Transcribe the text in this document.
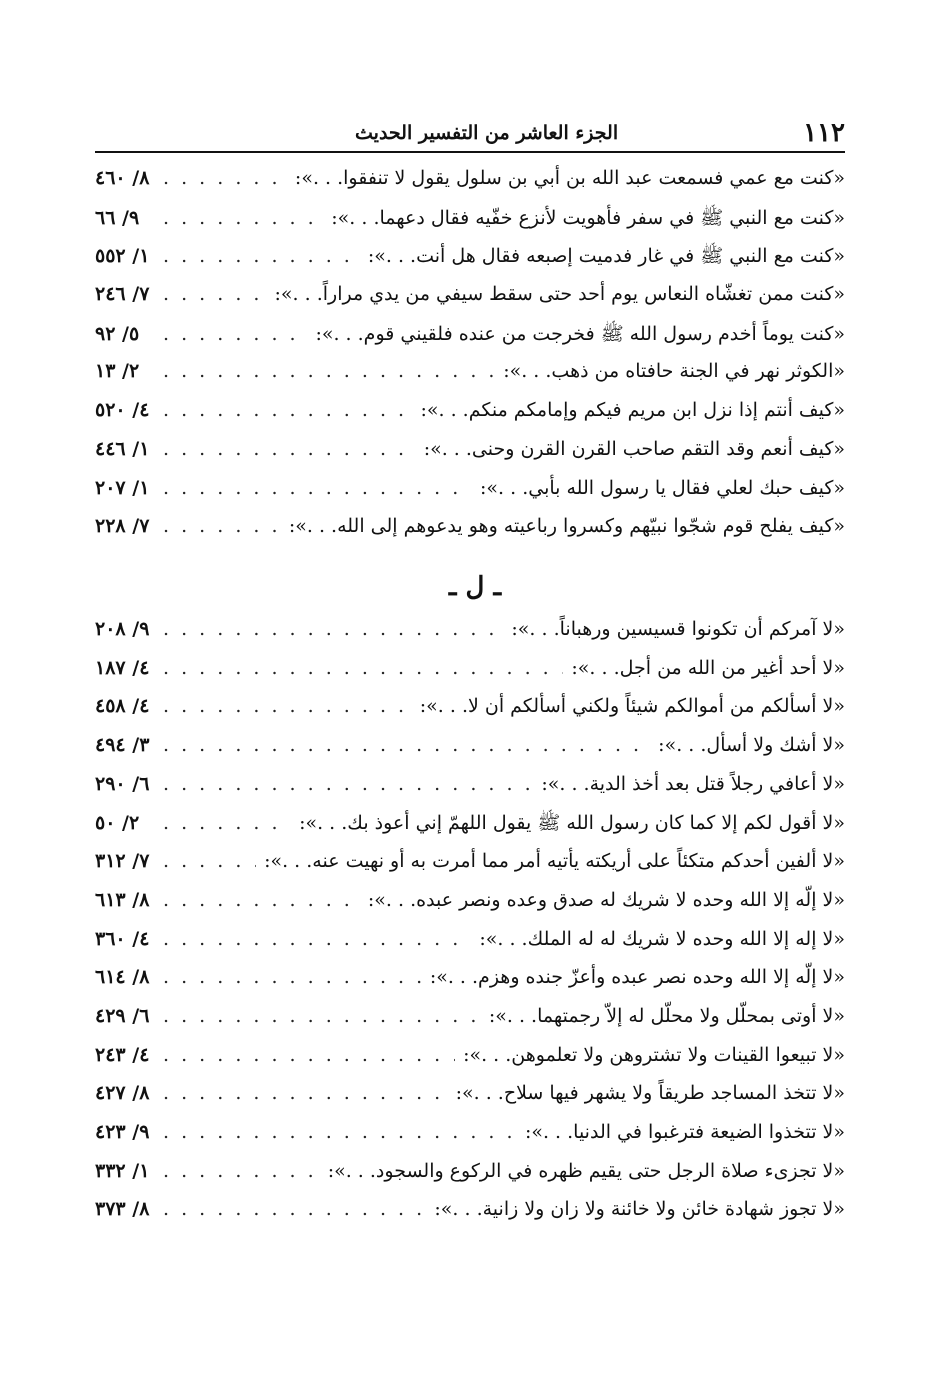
١١٢
الجزء العاشر من التفسير الحديث
«كنت مع عمي فسمعت عبد الله بن أبي بن سلول يقول لا تنفقوا. . .»:
. . .
٨/ ٤٦٠
«كنت مع النبي ﷺ في سفر فأهويت لأنزع خفّيه فقال دعهما. . .»:
. . .
٩/ ٦٦
«كنت مع النبي ﷺ في غار فدميت إصبعه فقال هل أنت. . .»:
. . .
١/ ٥٥٢
«كنت ممن تغشّاه النعاس يوم أحد حتى سقط سيفي من يدي مراراً. . .»:
. . .
٧/ ٢٤٦
«كنت يوماً أخدم رسول الله ﷺ فخرجت من عنده فلقيني قوم. . .»:
. . .
٥/ ٩٢
«الكوثر نهر في الجنة حافتاه من ذهب. . .»:
. . .
٢/ ١٣
«كيف أنتم إذا نزل ابن مريم فيكم وإمامكم منكم. . .»:
. . .
٤/ ٥٢٠
«كيف أنعم وقد التقم صاحب القرن القرن وحنى. . .»:
. . .
١/ ٤٤٦
«كيف حبك لعلي فقال يا رسول الله بأبي. . .»:
. . .
١/ ٢٠٧
«كيف يفلح قوم شجّوا نبيّهم وكسروا رباعيته وهو يدعوهم إلى الله. . .»:
. . .
٧/ ٢٢٨
ـ ل ـ
«لا آمركم أن تكونوا قسيسين ورهباناً. . .»:
. . .
٩/ ٢٠٨
«لا أحد أغير من الله من أجل. . .»:
. . .
٤/ ١٨٧
«لا أسألكم من أموالكم شيئاً ولكني أسألكم أن لا. . .»:
. . .
٤/ ٤٥٨
«لا أشك ولا أسأل. . .»:
. . .
٣/ ٤٩٤
«لا أعافي رجلاً قتل بعد أخذ الدية. . .»:
. . .
٦/ ٢٩٠
«لا أقول لكم إلا كما كان رسول الله ﷺ يقول اللهمّ إني أعوذ بك. . .»:
. . .
٢/ ٥٠
«لا ألفين أحدكم متكئاً على أريكته يأتيه أمر مما أمرت به أو نهيت عنه. . .»:
. . .
٧/ ٣١٢
«لا إلّه إلا الله وحده لا شريك له صدق وعده ونصر عبده. . .»:
. . .
٨/ ٦١٣
«لا إله إلا الله وحده لا شريك له له الملك. . .»:
. . .
٤/ ٣٦٠
«لا إلّه إلا الله وحده نصر عبده وأعزّ جنده وهزم. . .»:
. . .
٨/ ٦١٤
«لا أوتى بمحلّل ولا محلّل له إلاّ رجمتهما. . .»:
. . .
٦/ ٤٢٩
«لا تبيعوا القينات ولا تشتروهن ولا تعلموهن. . .»:
. . .
٤/ ٢٤٣
«لا تتخذ المساجد طريقاً ولا يشهر فيها سلاح. . .»:
. . .
٨/ ٤٢٧
«لا تتخذوا الضيعة فترغبوا في الدنيا. . .»:
. . .
٩/ ٤٢٣
«لا تجزىء صلاة الرجل حتى يقيم ظهره في الركوع والسجود. . .»:
. . .
١/ ٣٣٢
«لا تجوز شهادة خائن ولا خائنة ولا زان ولا زانية. . .»:
. . .
٨/ ٣٧٣
